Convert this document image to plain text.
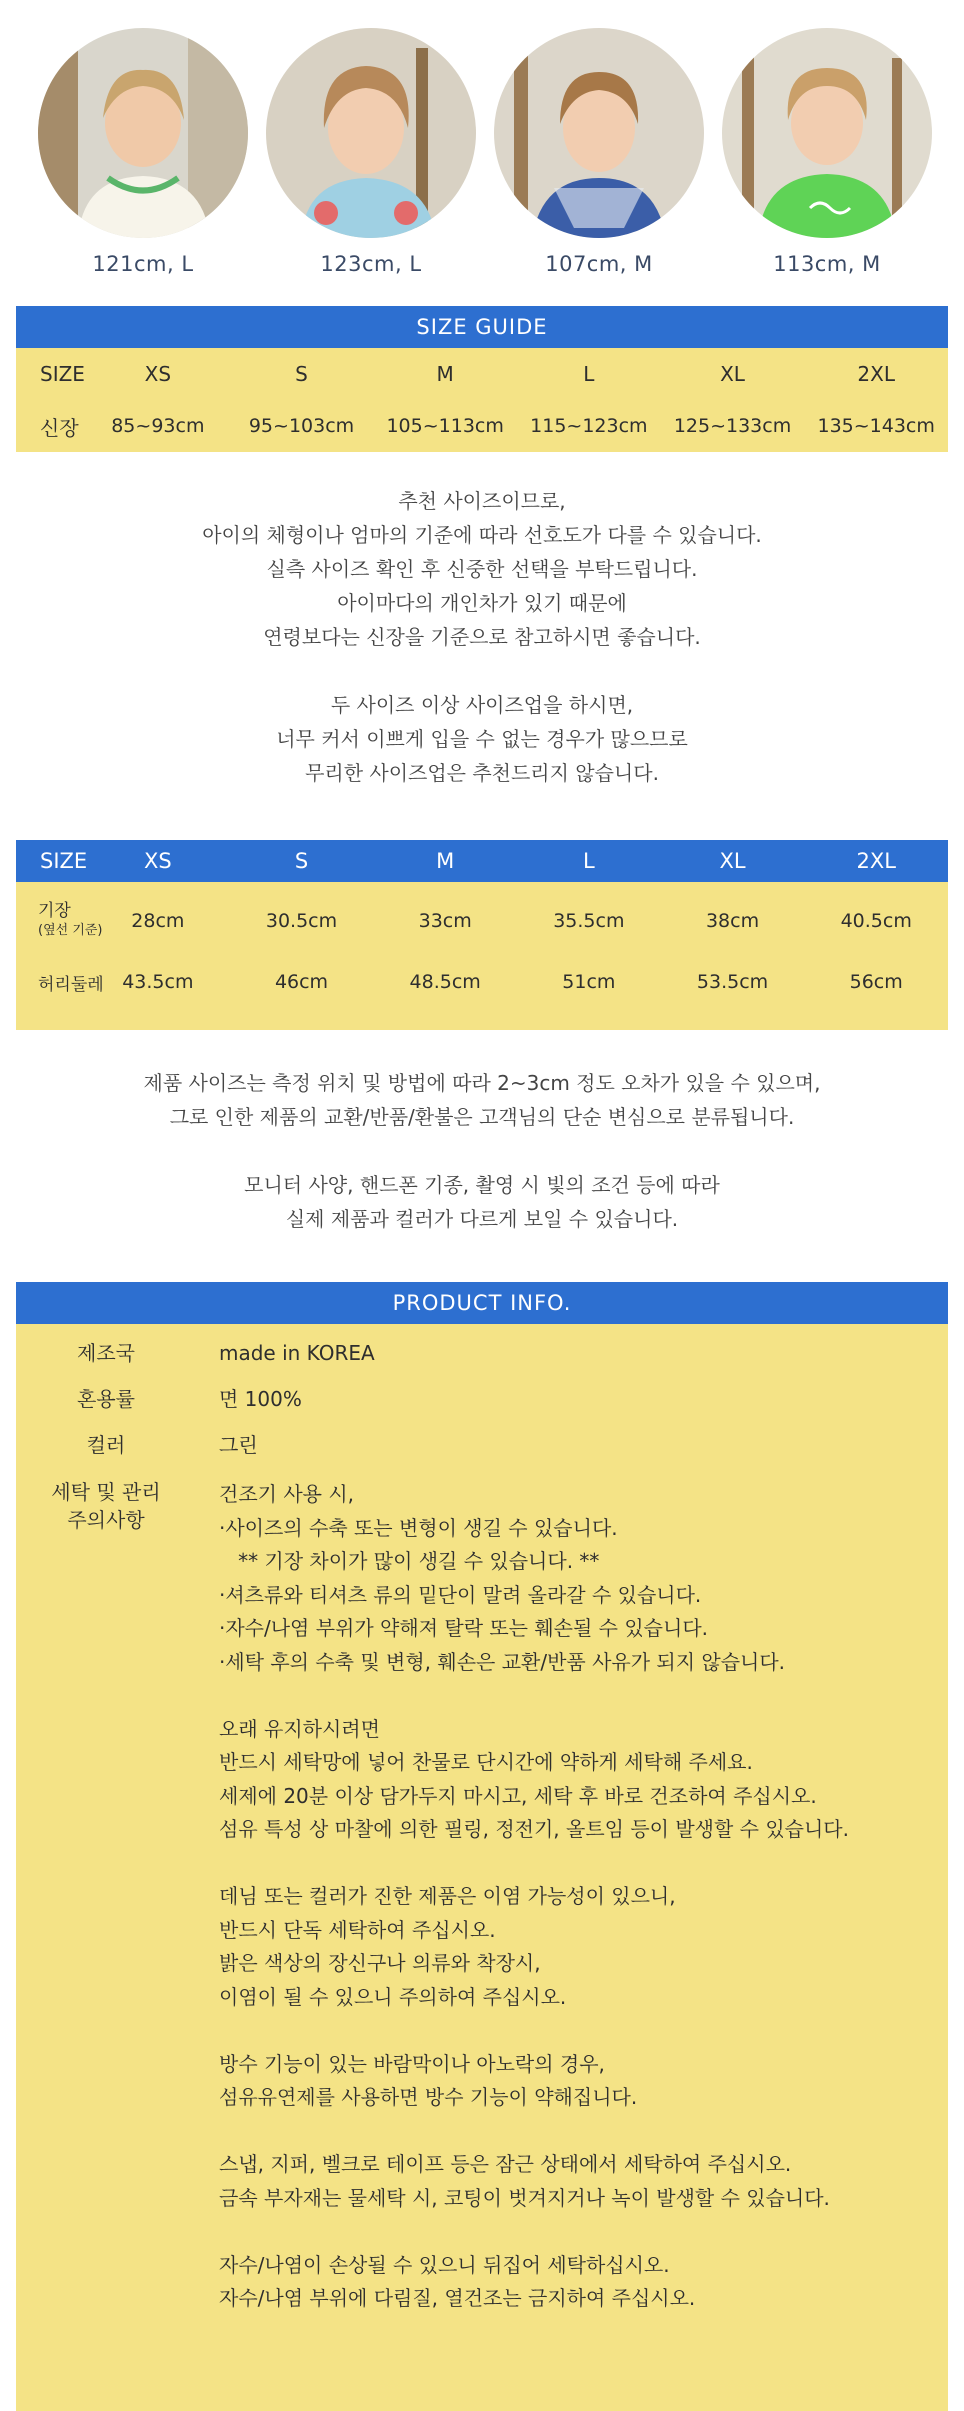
121cm, L	123cm, L	107cm, M	113cm, M
SIZE GUIDE
SIZE	XS	S	M	L	XL	2XL
신장	85~93cm	95~103cm	105~113cm	115~123cm	125~133cm	135~143cm
추천 사이즈이므로,
아이의 체형이나 엄마의 기준에 따라 선호도가 다를 수 있습니다.
실측 사이즈 확인 후 신중한 선택을 부탁드립니다.
아이마다의 개인차가 있기 때문에
연령보다는 신장을 기준으로 참고하시면 좋습니다.
두 사이즈 이상 사이즈업을 하시면,
너무 커서 이쁘게 입을 수 없는 경우가 많으므로
무리한 사이즈업은 추천드리지 않습니다.
SIZE	XS	S	M	L	XL	2XL
기장
(옆선 기준)	28cm	30.5cm	33cm	35.5cm	38cm	40.5cm
허리둘레 43.5cm	46cm	48.5cm	51cm	53.5cm	56cm
제품 사이즈는 측정 위치 및 방법에 따라 2~3cm 정도 오차가 있을 수 있으며,
그로 인한 제품의 교환/반품/환불은 고객님의 단순 변심으로 분류됩니다.
모니터 사양, 핸드폰 기종, 촬영 시 빛의 조건 등에 따라
실제 제품과 컬러가 다르게 보일 수 있습니다.
PRODUCT INFO.
제조국	made in KOREA
혼용률	면 100%
컬러	그린
세탁 및 관리
주의사항

건조기 사용 시,

·사이즈의 수축 또는 변형이 생길 수 있습니다.

** 기장 차이가 많이 생길 수 있습니다. **

·셔츠류와 티셔츠 류의 밑단이 말려 올라갈 수 있습니다.

·자수/나염 부위가 약해져 탈락 또는 훼손될 수 있습니다.

·세탁 후의 수축 및 변형, 훼손은 교환/반품 사유가 되지 않습니다.

오래 유지하시려면

반드시 세탁망에 넣어 찬물로 단시간에 약하게 세탁해 주세요.

세제에 20분 이상 담가두지 마시고, 세탁 후 바로 건조하여 주십시오.

섬유 특성 상 마찰에 의한 필링, 정전기, 올트임 등이 발생할 수 있습니다.

데님 또는 컬러가 진한 제품은 이염 가능성이 있으니,

반드시 단독 세탁하여 주십시오.

밝은 색상의 장신구나 의류와 착장시,

이염이 될 수 있으니 주의하여 주십시오.

방수 기능이 있는 바람막이나 아노락의 경우,

섬유유연제를 사용하면 방수 기능이 약해집니다.

스냅, 지퍼, 벨크로 테이프 등은 잠근 상태에서 세탁하여 주십시오.

금속 부자재는 물세탁 시, 코팅이 벗겨지거나 녹이 발생할 수 있습니다.

자수/나염이 손상될 수 있으니 뒤집어 세탁하십시오.

자수/나염 부위에 다림질, 열건조는 금지하여 주십시오.
